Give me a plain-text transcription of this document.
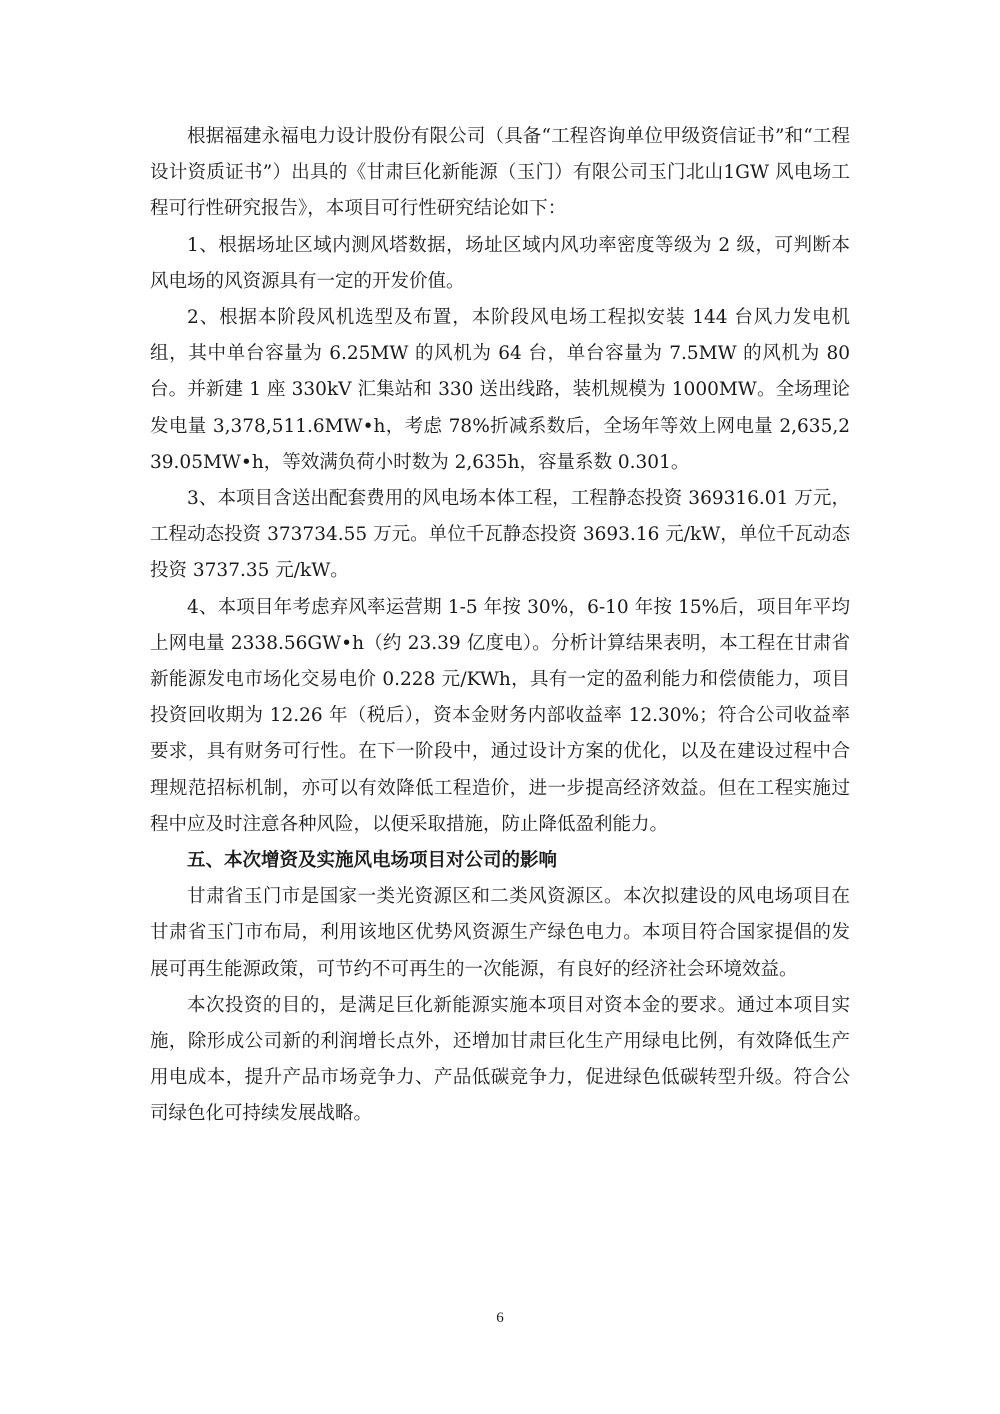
根据福建永福电力设计股份有限公司（具备“工程咨询单位甲级资信证书”和“工程设计资质证书”）出具的《甘肃巨化新能源（玉门）有限公司玉门北山1GW 风电场工程可行性研究报告》，本项目可行性研究结论如下：

1、根据场址区域内测风塔数据，场址区域内风功率密度等级为 2 级，可判断本风电场的风资源具有一定的开发价值。

2、根据本阶段风机选型及布置，本阶段风电场工程拟安装 144 台风力发电机组，其中单台容量为 6.25MW 的风机为 64 台，单台容量为 7.5MW 的风机为 80 台。并新建 1 座 330kV 汇集站和 330 送出线路，装机规模为 1000MW。全场理论发电量 3,378,511.6MW•h，考虑 78%折减系数后，全场年等效上网电量 2,635,239.05MW•h，等效满负荷小时数为 2,635h，容量系数 0.301。

3、本项目含送出配套费用的风电场本体工程，工程静态投资 369316.01 万元，工程动态投资 373734.55 万元。单位千瓦静态投资 3693.16 元/kW，单位千瓦动态投资 3737.35 元/kW。

4、本项目年考虑弃风率运营期 1-5 年按 30%，6-10 年按 15%后，项目年平均上网电量 2338.56GW•h（约 23.39 亿度电）。分析计算结果表明，本工程在甘肃省新能源发电市场化交易电价 0.228 元/KWh，具有一定的盈利能力和偿债能力，项目投资回收期为 12.26 年（税后），资本金财务内部收益率 12.30%；符合公司收益率要求，具有财务可行性。在下一阶段中，通过设计方案的优化，以及在建设过程中合理规范招标机制，亦可以有效降低工程造价，进一步提高经济效益。但在工程实施过程中应及时注意各种风险，以便采取措施，防止降低盈利能力。

五、本次增资及实施风电场项目对公司的影响

甘肃省玉门市是国家一类光资源区和二类风资源区。本次拟建设的风电场项目在甘肃省玉门市布局，利用该地区优势风资源生产绿色电力。本项目符合国家提倡的发展可再生能源政策，可节约不可再生的一次能源，有良好的经济社会环境效益。

本次投资的目的，是满足巨化新能源实施本项目对资本金的要求。通过本项目实施，除形成公司新的利润增长点外，还增加甘肃巨化生产用绿电比例，有效降低生产用电成本，提升产品市场竞争力、产品低碳竞争力，促进绿色低碳转型升级。符合公司绿色化可持续发展战略。

6
